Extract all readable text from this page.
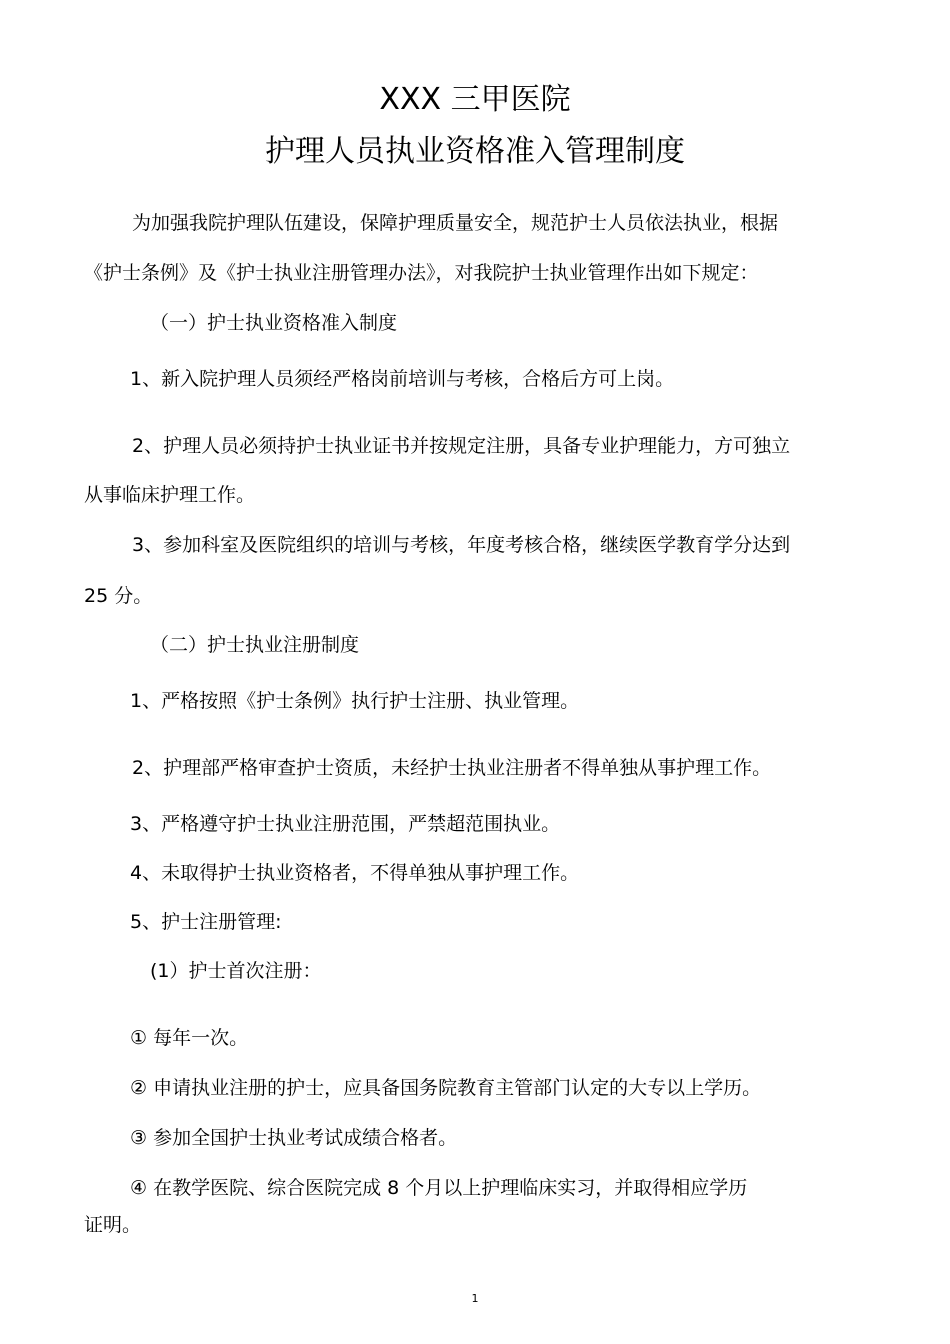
XXX 三甲医院
护理人员执业资格准入管理制度

为加强我院护理队伍建设，保障护理质量安全，规范护士人员依法执业，根据

《护士条例》及《护士执业注册管理办法》，对我院护士执业管理作出如下规定：

（一）护士执业资格准入制度

1、新入院护理人员须经严格岗前培训与考核，合格后方可上岗。

2、护理人员必须持护士执业证书并按规定注册，具备专业护理能力，方可独立

从事临床护理工作。

3、参加科室及医院组织的培训与考核，年度考核合格，继续医学教育学分达到

25 分。

（二）护士执业注册制度

1、严格按照《护士条例》执行护士注册、执业管理。

2、护理部严格审查护士资质，未经护士执业注册者不得单独从事护理工作。

3、严格遵守护士执业注册范围，严禁超范围执业。

4、未取得护士执业资格者，不得单独从事护理工作。

5、护士注册管理:

(1）护士首次注册：

① 每年一次。

② 申请执业注册的护士，应具备国务院教育主管部门认定的大专以上学历。

③ 参加全国护士执业考试成绩合格者。

④ 在教学医院、综合医院完成 8 个月以上护理临床实习，并取得相应学历

证明。

1
